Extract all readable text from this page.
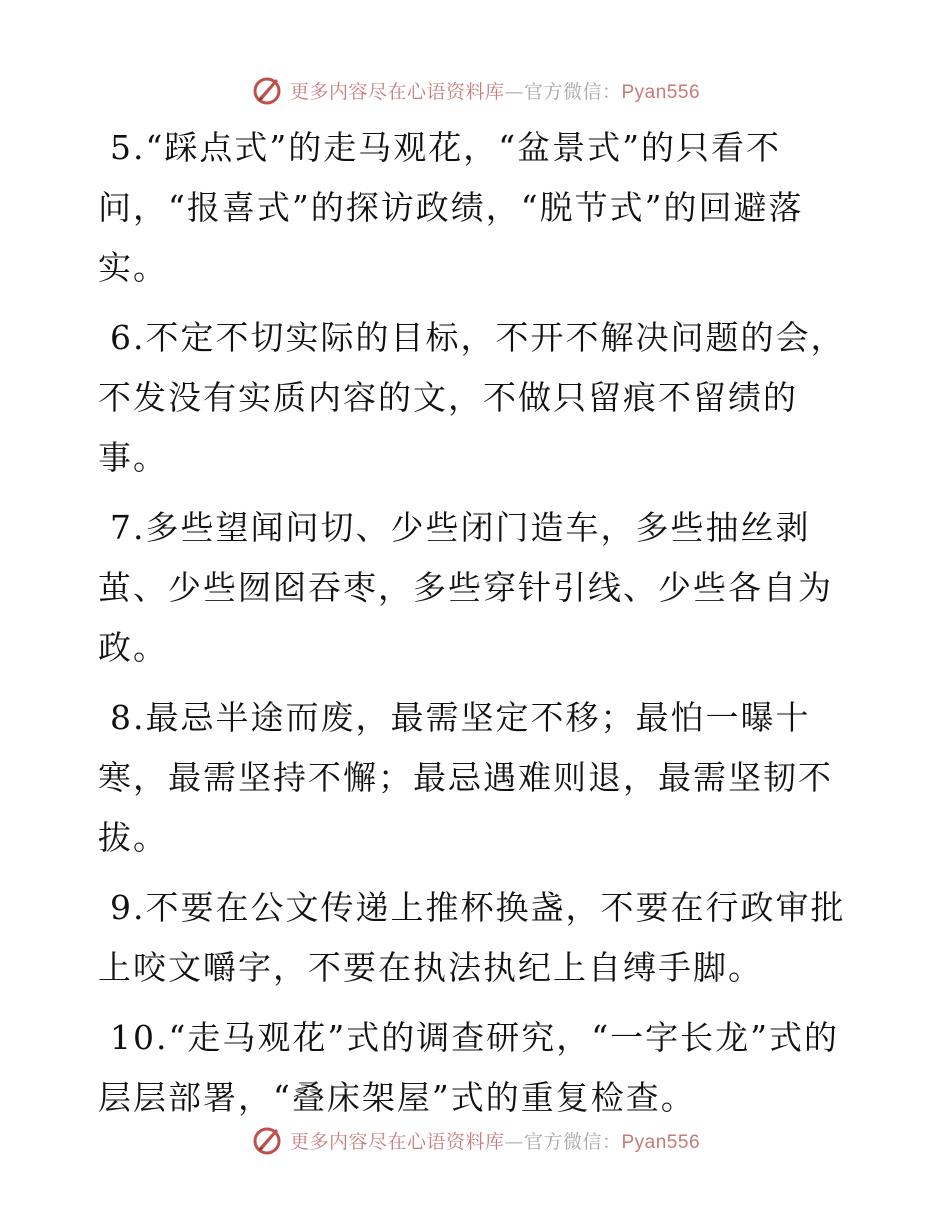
更多内容尽在心语资料库—官方微信：Pyan556

5.“踩点式”的走马观花，“盆景式”的只看不问，“报喜式”的探访政绩，“脱节式”的回避落实。

6.不定不切实际的目标，不开不解决问题的会，不发没有实质内容的文，不做只留痕不留绩的事。

7.多些望闻问切、少些闭门造车，多些抽丝剥茧、少些囫囵吞枣，多些穿针引线、少些各自为政。

8.最忌半途而废，最需坚定不移；最怕一曝十寒，最需坚持不懈；最忌遇难则退，最需坚韧不拔。

9.不要在公文传递上推杯换盏，不要在行政审批上咬文嚼字，不要在执法执纪上自缚手脚。

10.“走马观花”式的调查研究，“一字长龙”式的层层部署，“叠床架屋”式的重复检查。

更多内容尽在心语资料库—官方微信：Pyan556
